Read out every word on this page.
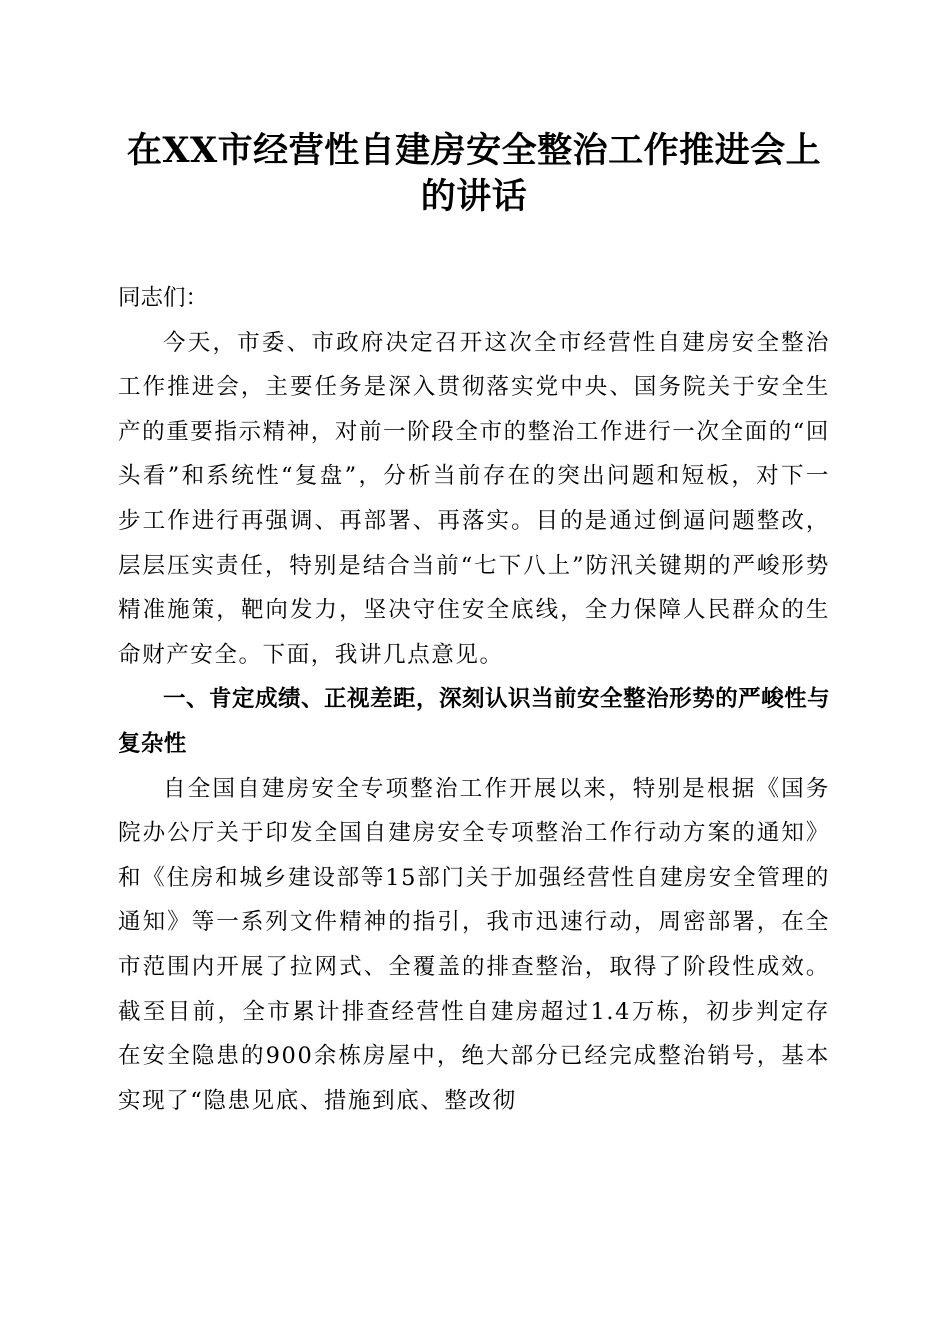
在XX市经营性自建房安全整治工作推进会上
的讲话

同志们：

今天，市委、市政府决定召开这次全市经营性自建房安全整治工作推进会，主要任务是深入贯彻落实党中央、国务院关于安全生产的重要指示精神，对前一阶段全市的整治工作进行一次全面的“回头看”和系统性“复盘”，分析当前存在的突出问题和短板，对下一步工作进行再强调、再部署、再落实。目的是通过倒逼问题整改，层层压实责任，特别是结合当前“七下八上”防汛关键期的严峻形势精准施策，靶向发力，坚决守住安全底线，全力保障人民群众的生命财产安全。下面，我讲几点意见。

一、肯定成绩、正视差距，深刻认识当前安全整治形势的严峻性与复杂性

自全国自建房安全专项整治工作开展以来，特别是根据《国务院办公厅关于印发全国自建房安全专项整治工作行动方案的通知》和《住房和城乡建设部等15部门关于加强经营性自建房安全管理的通知》等一系列文件精神的指引，我市迅速行动，周密部署，在全市范围内开展了拉网式、全覆盖的排查整治，取得了阶段性成效。截至目前，全市累计排查经营性自建房超过1.4万栋，初步判定存在安全隐患的900余栋房屋中，绝大部分已经完成整治销号，基本实现了“隐患见底、措施到底、整改彻
